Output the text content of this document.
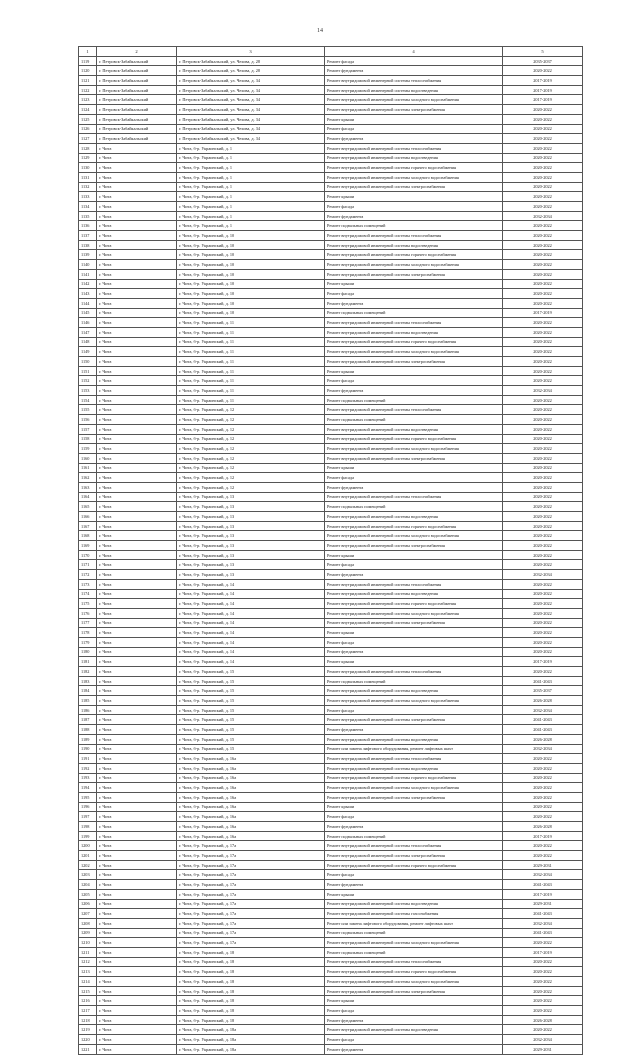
14
1	2	3	4	5
1119	г. Петровск-Забайкальский	г. Петровск-Забайкальский, ул. Чехова, д. 28	Ремонт фасада	2035-2037
1120	г. Петровск-Забайкальский	г. Петровск-Забайкальский, ул. Чехова, д. 28	Ремонт фундамента	2020-2022
1121	г. Петровск-Забайкальский	г. Петровск-Забайкальский, ул. Чехова, д. 34	Ремонт внутридомовой инженерной системы теплоснабжения	2017-2019
1122	г. Петровск-Забайкальский	г. Петровск-Забайкальский, ул. Чехова, д. 34	Ремонт внутридомовой инженерной системы водоотведения	2017-2019
1123	г. Петровск-Забайкальский	г. Петровск-Забайкальский, ул. Чехова, д. 34	Ремонт внутридомовой инженерной системы холодного водоснабжения	2017-2019
1124	г. Петровск-Забайкальский	г. Петровск-Забайкальский, ул. Чехова, д. 34	Ремонт внутридомовой инженерной системы электроснабжения	2020-2022
1125	г. Петровск-Забайкальский	г. Петровск-Забайкальский, ул. Чехова, д. 34	Ремонт крыши	2020-2022
1126	г. Петровск-Забайкальский	г. Петровск-Забайкальский, ул. Чехова, д. 34	Ремонт фасада	2020-2022
1127	г. Петровск-Забайкальский	г. Петровск-Забайкальский, ул. Чехова, д. 34	Ремонт фундамента	2020-2022
1128	г. Чита	г. Чита, б-р. Украинский, д. 1	Ремонт внутридомовой инженерной системы теплоснабжения	2020-2022
1129	г. Чита	г. Чита, б-р. Украинский, д. 1	Ремонт внутридомовой инженерной системы водоотведения	2020-2022
1130	г. Чита	г. Чита, б-р. Украинский, д. 1	Ремонт внутридомовой инженерной системы горячего водоснабжения	2020-2022
1131	г. Чита	г. Чита, б-р. Украинский, д. 1	Ремонт внутридомовой инженерной системы холодного водоснабжения	2020-2022
1132	г. Чита	г. Чита, б-р. Украинский, д. 1	Ремонт внутридомовой инженерной системы электроснабжения	2020-2022
1133	г. Чита	г. Чита, б-р. Украинский, д. 1	Ремонт крыши	2020-2022
1134	г. Чита	г. Чита, б-р. Украинский, д. 1	Ремонт фасада	2020-2022
1135	г. Чита	г. Чита, б-р. Украинский, д. 1	Ремонт фундамента	2032-2034
1136	г. Чита	г. Чита, б-р. Украинский, д. 1	Ремонт подвальных помещений	2020-2022
1137	г. Чита	г. Чита, б-р. Украинский, д. 10	Ремонт внутридомовой инженерной системы теплоснабжения	2020-2022
1138	г. Чита	г. Чита, б-р. Украинский, д. 10	Ремонт внутридомовой инженерной системы водоотведения	2020-2022
1139	г. Чита	г. Чита, б-р. Украинский, д. 10	Ремонт внутридомовой инженерной системы горячего водоснабжения	2020-2022
1140	г. Чита	г. Чита, б-р. Украинский, д. 10	Ремонт внутридомовой инженерной системы холодного водоснабжения	2020-2022
1141	г. Чита	г. Чита, б-р. Украинский, д. 10	Ремонт внутридомовой инженерной системы электроснабжения	2020-2022
1142	г. Чита	г. Чита, б-р. Украинский, д. 10	Ремонт крыши	2020-2022
1143	г. Чита	г. Чита, б-р. Украинский, д. 10	Ремонт фасада	2020-2022
1144	г. Чита	г. Чита, б-р. Украинский, д. 10	Ремонт фундамента	2020-2022
1145	г. Чита	г. Чита, б-р. Украинский, д. 10	Ремонт подвальных помещений	2017-2019
1146	г. Чита	г. Чита, б-р. Украинский, д. 11	Ремонт внутридомовой инженерной системы теплоснабжения	2020-2022
1147	г. Чита	г. Чита, б-р. Украинский, д. 11	Ремонт внутридомовой инженерной системы водоотведения	2020-2022
1148	г. Чита	г. Чита, б-р. Украинский, д. 11	Ремонт внутридомовой инженерной системы горячего водоснабжения	2020-2022
1149	г. Чита	г. Чита, б-р. Украинский, д. 11	Ремонт внутридомовой инженерной системы холодного водоснабжения	2020-2022
1150	г. Чита	г. Чита, б-р. Украинский, д. 11	Ремонт внутридомовой инженерной системы электроснабжения	2020-2022
1151	г. Чита	г. Чита, б-р. Украинский, д. 11	Ремонт крыши	2020-2022
1152	г. Чита	г. Чита, б-р. Украинский, д. 11	Ремонт фасада	2020-2022
1153	г. Чита	г. Чита, б-р. Украинский, д. 11	Ремонт фундамента	2032-2034
1154	г. Чита	г. Чита, б-р. Украинский, д. 11	Ремонт подвальных помещений	2020-2022
1155	г. Чита	г. Чита, б-р. Украинский, д. 12	Ремонт внутридомовой инженерной системы теплоснабжения	2020-2022
1156	г. Чита	г. Чита, б-р. Украинский, д. 12	Ремонт подвальных помещений	2020-2022
1157	г. Чита	г. Чита, б-р. Украинский, д. 12	Ремонт внутридомовой инженерной системы водоотведения	2020-2022
1158	г. Чита	г. Чита, б-р. Украинский, д. 12	Ремонт внутридомовой инженерной системы горячего водоснабжения	2020-2022
1159	г. Чита	г. Чита, б-р. Украинский, д. 12	Ремонт внутридомовой инженерной системы холодного водоснабжения	2020-2022
1160	г. Чита	г. Чита, б-р. Украинский, д. 12	Ремонт внутридомовой инженерной системы электроснабжения	2020-2022
1161	г. Чита	г. Чита, б-р. Украинский, д. 12	Ремонт крыши	2020-2022
1162	г. Чита	г. Чита, б-р. Украинский, д. 12	Ремонт фасада	2020-2022
1163	г. Чита	г. Чита, б-р. Украинский, д. 12	Ремонт фундамента	2020-2022
1164	г. Чита	г. Чита, б-р. Украинский, д. 13	Ремонт внутридомовой инженерной системы теплоснабжения	2020-2022
1165	г. Чита	г. Чита, б-р. Украинский, д. 13	Ремонт подвальных помещений	2020-2022
1166	г. Чита	г. Чита, б-р. Украинский, д. 13	Ремонт внутридомовой инженерной системы водоотведения	2020-2022
1167	г. Чита	г. Чита, б-р. Украинский, д. 13	Ремонт внутридомовой инженерной системы горячего водоснабжения	2020-2022
1168	г. Чита	г. Чита, б-р. Украинский, д. 13	Ремонт внутридомовой инженерной системы холодного водоснабжения	2020-2022
1169	г. Чита	г. Чита, б-р. Украинский, д. 13	Ремонт внутридомовой инженерной системы электроснабжения	2020-2022
1170	г. Чита	г. Чита, б-р. Украинский, д. 13	Ремонт крыши	2020-2022
1171	г. Чита	г. Чита, б-р. Украинский, д. 13	Ремонт фасада	2020-2022
1172	г. Чита	г. Чита, б-р. Украинский, д. 13	Ремонт фундамента	2032-2034
1173	г. Чита	г. Чита, б-р. Украинский, д. 14	Ремонт внутридомовой инженерной системы теплоснабжения	2020-2022
1174	г. Чита	г. Чита, б-р. Украинский, д. 14	Ремонт внутридомовой инженерной системы водоотведения	2020-2022
1175	г. Чита	г. Чита, б-р. Украинский, д. 14	Ремонт внутридомовой инженерной системы горячего водоснабжения	2020-2022
1176	г. Чита	г. Чита, б-р. Украинский, д. 14	Ремонт внутридомовой инженерной системы холодного водоснабжения	2020-2022
1177	г. Чита	г. Чита, б-р. Украинский, д. 14	Ремонт внутридомовой инженерной системы электроснабжения	2020-2022
1178	г. Чита	г. Чита, б-р. Украинский, д. 14	Ремонт крыши	2020-2022
1179	г. Чита	г. Чита, б-р. Украинский, д. 14	Ремонт фасада	2020-2022
1180	г. Чита	г. Чита, б-р. Украинский, д. 14	Ремонт фундамента	2020-2022
1181	г. Чита	г. Чита, б-р. Украинский, д. 14	Ремонт крыши	2017-2019
1182	г. Чита	г. Чита, б-р. Украинский, д. 15	Ремонт внутридомовой инженерной системы теплоснабжения	2020-2022
1183	г. Чита	г. Чита, б-р. Украинский, д. 15	Ремонт подвальных помещений	2041-2043
1184	г. Чита	г. Чита, б-р. Украинский, д. 15	Ремонт внутридомовой инженерной системы водоотведения	2035-2037
1185	г. Чита	г. Чита, б-р. Украинский, д. 15	Ремонт внутридомовой инженерной системы холодного водоснабжения	2026-2028
1186	г. Чита	г. Чита, б-р. Украинский, д. 15	Ремонт фасада	2032-2034
1187	г. Чита	г. Чита, б-р. Украинский, д. 15	Ремонт внутридомовой инженерной системы электроснабжения	2041-2043
1188	г. Чита	г. Чита, б-р. Украинский, д. 15	Ремонт фундамента	2041-2043
1189	г. Чита	г. Чита, б-р. Украинский, д. 15	Ремонт внутридомовой инженерной системы водоотведения	2026-2028
1190	г. Чита	г. Чита, б-р. Украинский, д. 15	Ремонт или замена лифтового оборудования, ремонт лифтовых шахт	2032-2034
1191	г. Чита	г. Чита, б-р. Украинский, д. 16а	Ремонт внутридомовой инженерной системы теплоснабжения	2020-2022
1192	г. Чита	г. Чита, б-р. Украинский, д. 16а	Ремонт внутридомовой инженерной системы водоотведения	2020-2022
1193	г. Чита	г. Чита, б-р. Украинский, д. 16а	Ремонт внутридомовой инженерной системы горячего водоснабжения	2020-2022
1194	г. Чита	г. Чита, б-р. Украинский, д. 16а	Ремонт внутридомовой инженерной системы холодного водоснабжения	2020-2022
1195	г. Чита	г. Чита, б-р. Украинский, д. 16а	Ремонт внутридомовой инженерной системы электроснабжения	2020-2022
1196	г. Чита	г. Чита, б-р. Украинский, д. 16а	Ремонт крыши	2020-2022
1197	г. Чита	г. Чита, б-р. Украинский, д. 16а	Ремонт фасада	2020-2022
1198	г. Чита	г. Чита, б-р. Украинский, д. 16а	Ремонт фундамента	2026-2028
1199	г. Чита	г. Чита, б-р. Украинский, д. 16а	Ремонт подвальных помещений	2017-2019
1200	г. Чита	г. Чита, б-р. Украинский, д. 17а	Ремонт внутридомовой инженерной системы теплоснабжения	2020-2022
1201	г. Чита	г. Чита, б-р. Украинский, д. 17а	Ремонт внутридомовой инженерной системы электроснабжения	2020-2022
1202	г. Чита	г. Чита, б-р. Украинский, д. 17а	Ремонт внутридомовой инженерной системы горячего водоснабжения	2029-2031
1203	г. Чита	г. Чита, б-р. Украинский, д. 17а	Ремонт фасада	2032-2034
1204	г. Чита	г. Чита, б-р. Украинский, д. 17а	Ремонт фундамента	2041-2043
1205	г. Чита	г. Чита, б-р. Украинский, д. 17а	Ремонт крыши	2017-2019
1206	г. Чита	г. Чита, б-р. Украинский, д. 17а	Ремонт внутридомовой инженерной системы водоотведения	2029-2031
1207	г. Чита	г. Чита, б-р. Украинский, д. 17а	Ремонт внутридомовой инженерной системы газоснабжения	2041-2043
1208	г. Чита	г. Чита, б-р. Украинский, д. 17а	Ремонт или замена лифтового оборудования, ремонт лифтовых шахт	2032-2034
1209	г. Чита	г. Чита, б-р. Украинский, д. 17а	Ремонт подвальных помещений	2041-2043
1210	г. Чита	г. Чита, б-р. Украинский, д. 17а	Ремонт внутридомовой инженерной системы холодного водоснабжения	2020-2022
1211	г. Чита	г. Чита, б-р. Украинский, д. 18	Ремонт подвальных помещений	2017-2019
1212	г. Чита	г. Чита, б-р. Украинский, д. 18	Ремонт внутридомовой инженерной системы теплоснабжения	2020-2022
1213	г. Чита	г. Чита, б-р. Украинский, д. 18	Ремонт внутридомовой инженерной системы горячего водоснабжения	2020-2022
1214	г. Чита	г. Чита, б-р. Украинский, д. 18	Ремонт внутридомовой инженерной системы холодного водоснабжения	2020-2022
1215	г. Чита	г. Чита, б-р. Украинский, д. 18	Ремонт внутридомовой инженерной системы электроснабжения	2020-2022
1216	г. Чита	г. Чита, б-р. Украинский, д. 18	Ремонт крыши	2020-2022
1217	г. Чита	г. Чита, б-р. Украинский, д. 18	Ремонт фасада	2020-2022
1218	г. Чита	г. Чита, б-р. Украинский, д. 18	Ремонт фундамента	2026-2028
1219	г. Чита	г. Чита, б-р. Украинский, д. 18а	Ремонт внутридомовой инженерной системы водоотведения	2020-2022
1220	г. Чита	г. Чита, б-р. Украинский, д. 18а	Ремонт фасада	2032-2034
1221	г. Чита	г. Чита, б-р. Украинский, д. 18а	Ремонт фундамента	2029-2031
